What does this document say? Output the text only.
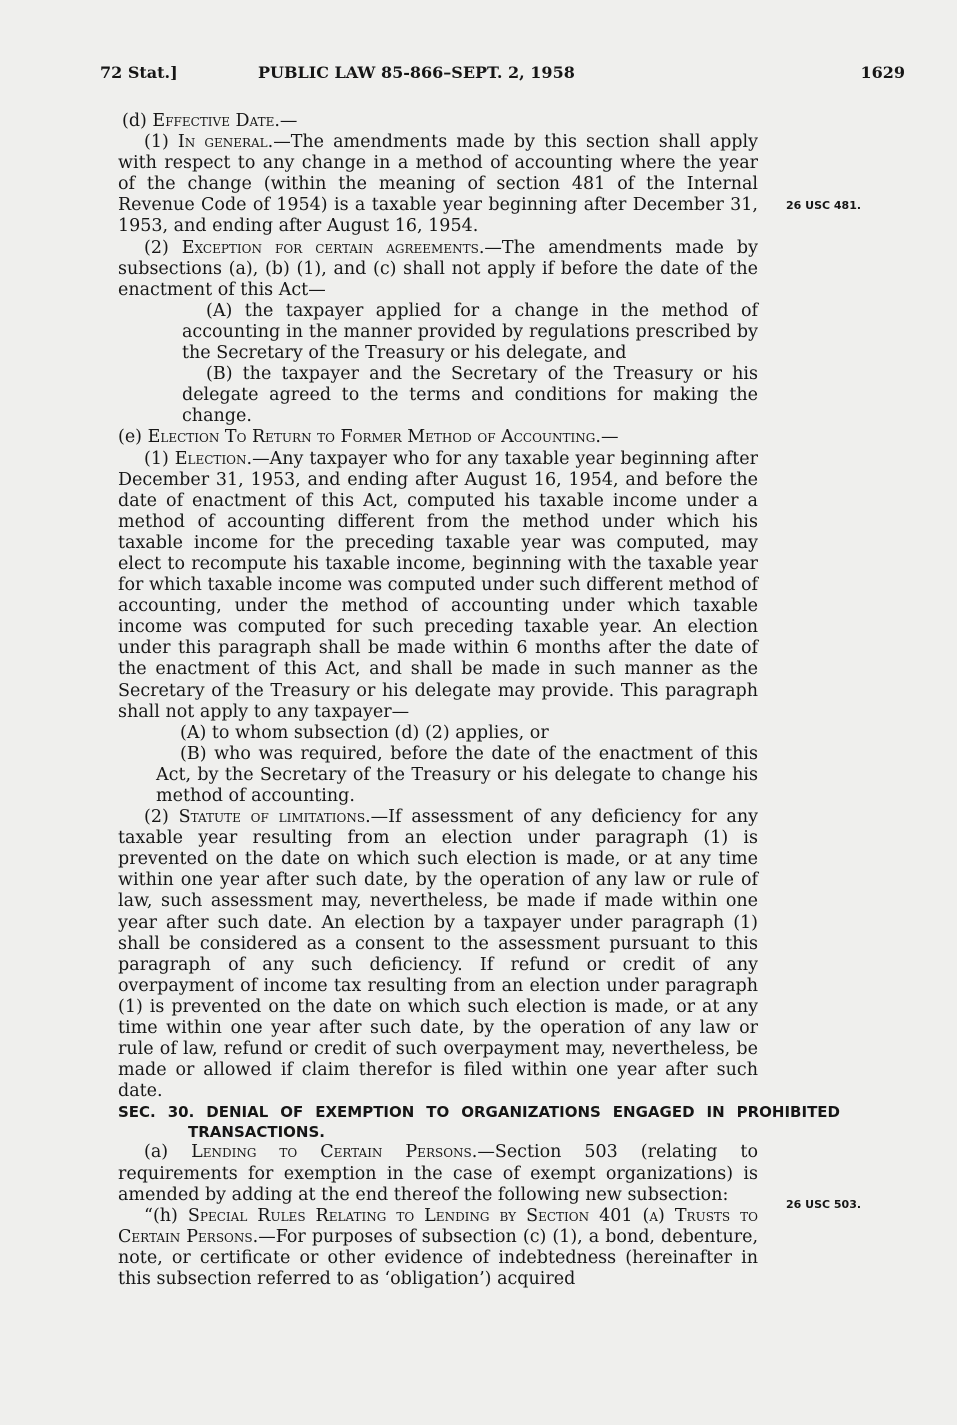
72 Stat.]	PUBLIC LAW 85-866–SEPT. 2, 1958	1629
26 USC 481.
26 USC 503.

(d) Effective Date.—

(1) In general.—The amendments made by this section shall apply with respect to any change in a method of accounting where the year of the change (within the meaning of section 481 of the Internal Revenue Code of 1954) is a taxable year beginning after December 31, 1953, and ending after August 16, 1954.

(2) Exception for certain agreements.—The amendments made by subsections (a), (b) (1), and (c) shall not apply if before the date of the enactment of this Act—

(A) the taxpayer applied for a change in the method of accounting in the manner provided by regulations prescribed by the Secretary of the Treasury or his delegate, and

(B) the taxpayer and the Secretary of the Treasury or his delegate agreed to the terms and conditions for making the change.

(e) Election To Return to Former Method of Accounting.—

(1) Election.—Any taxpayer who for any taxable year beginning after December 31, 1953, and ending after August 16, 1954, and before the date of enactment of this Act, computed his taxable income under a method of accounting different from the method under which his taxable income for the preceding taxable year was computed, may elect to recompute his taxable income, beginning with the taxable year for which taxable income was computed under such different method of accounting, under the method of accounting under which taxable income was computed for such preceding taxable year. An election under this paragraph shall be made within 6 months after the date of the enactment of this Act, and shall be made in such manner as the Secretary of the Treasury or his delegate may provide. This paragraph shall not apply to any taxpayer—

(A) to whom subsection (d) (2) applies, or

(B) who was required, before the date of the enactment of this Act, by the Secretary of the Treasury or his delegate to change his method of accounting.

(2) Statute of limitations.—If assessment of any deficiency for any taxable year resulting from an election under paragraph (1) is prevented on the date on which such election is made, or at any time within one year after such date, by the operation of any law or rule of law, such assessment may, nevertheless, be made if made within one year after such date. An election by a taxpayer under paragraph (1) shall be considered as a consent to the assessment pursuant to this paragraph of any such deficiency. If refund or credit of any overpayment of income tax resulting from an election under paragraph (1) is prevented on the date on which such election is made, or at any time within one year after such date, by the operation of any law or rule of law, refund or credit of such overpayment may, nevertheless, be made or allowed if claim therefor is filed within one year after such date.

SEC. 30. DENIAL OF EXEMPTION TO ORGANIZATIONS ENGAGED IN PROHIBITED TRANSACTIONS.

(a) Lending to Certain Persons.—Section 503 (relating to requirements for exemption in the case of exempt organizations) is amended by adding at the end thereof the following new subsection:

“(h) Special Rules Relating to Lending by Section 401 (a) Trusts to Certain Persons.—For purposes of subsection (c) (1), a bond, debenture, note, or certificate or other evidence of indebtedness (hereinafter in this subsection referred to as ‘obligation’) acquired
